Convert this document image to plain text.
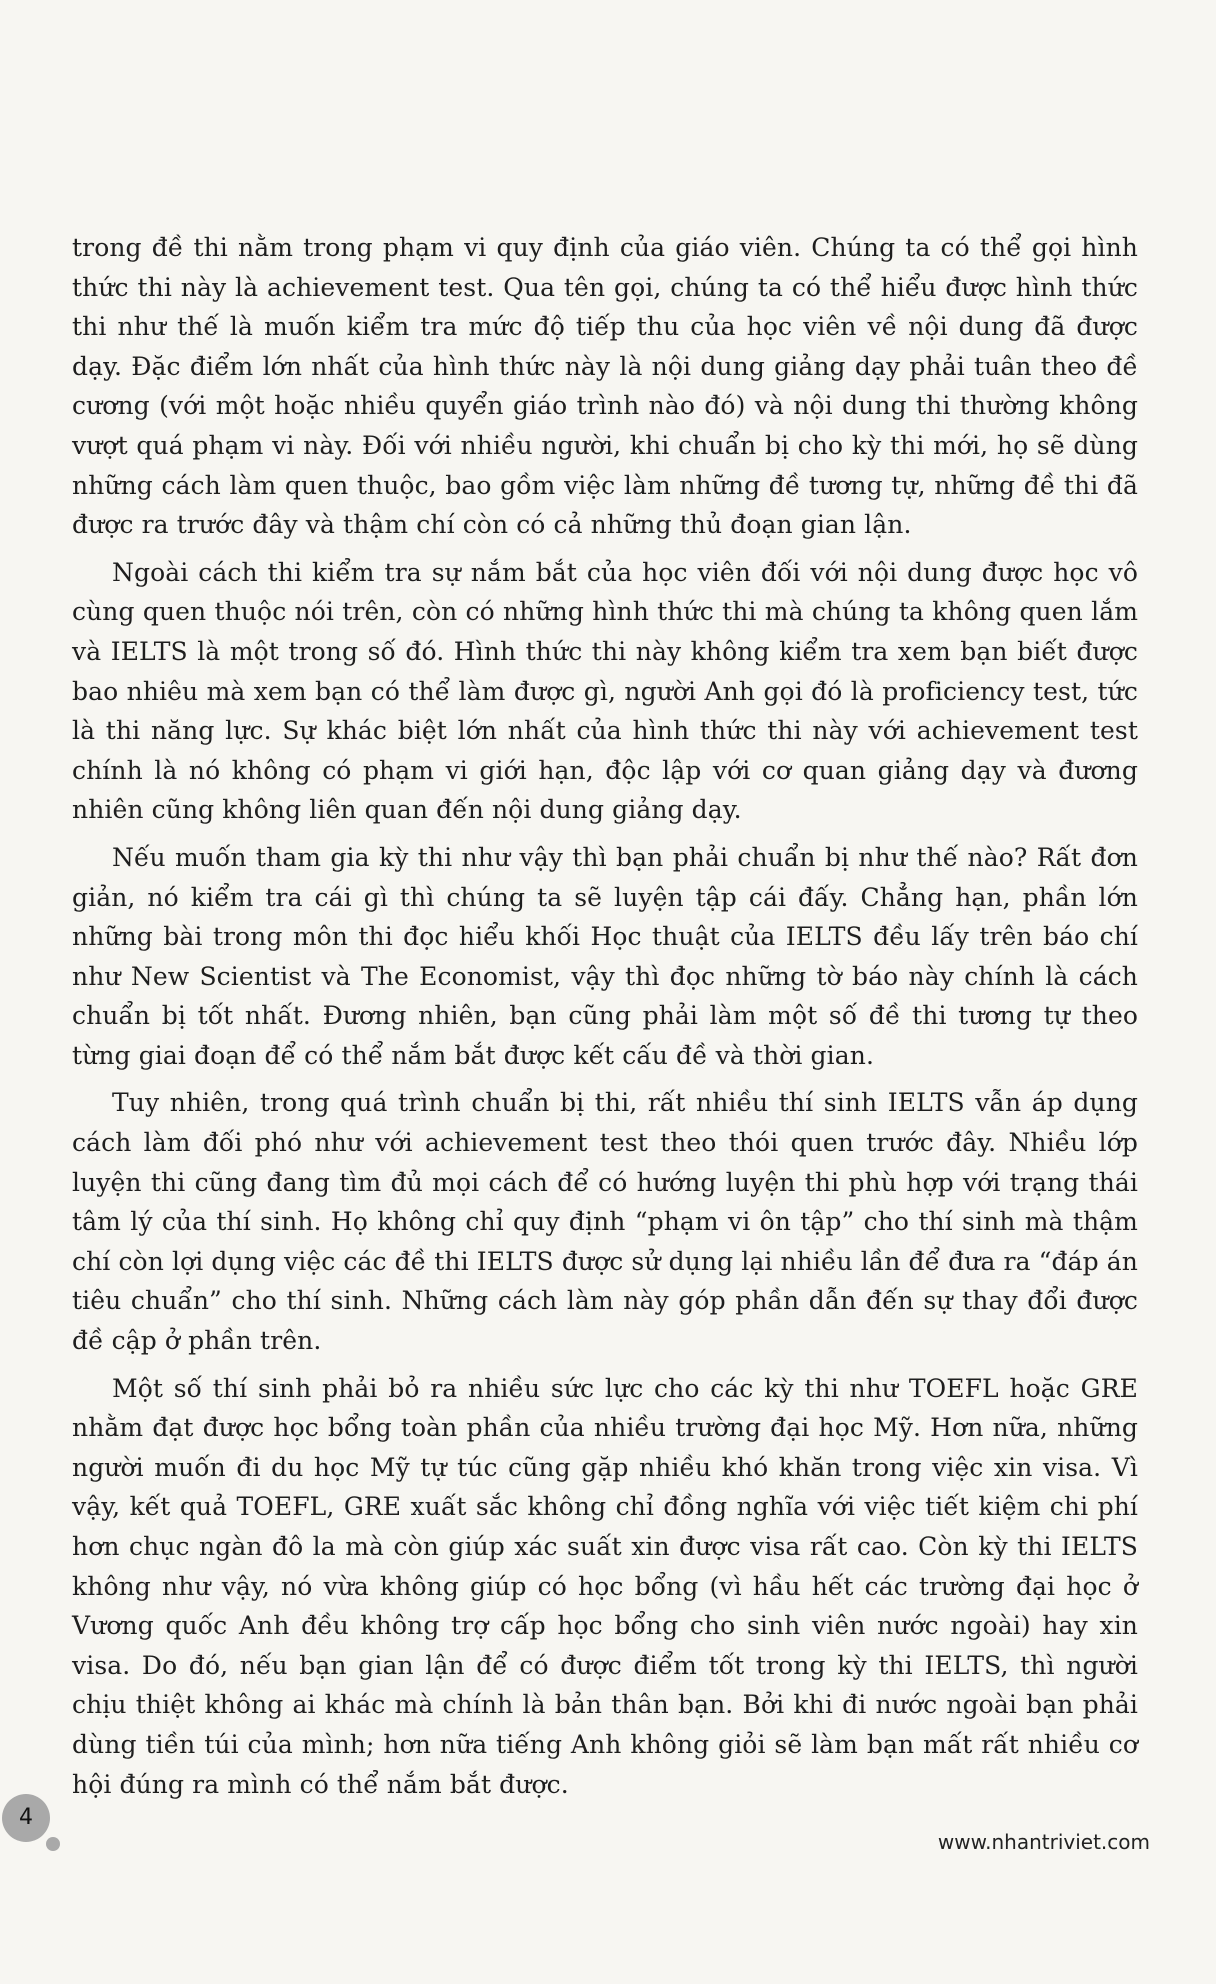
trong đề thi nằm trong phạm vi quy định của giáo viên. Chúng ta có thể gọi hình thức thi này là achievement test. Qua tên gọi, chúng ta có thể hiểu được hình thức thi như thế là muốn kiểm tra mức độ tiếp thu của học viên về nội dung đã được dạy. Đặc điểm lớn nhất của hình thức này là nội dung giảng dạy phải tuân theo đề cương (với một hoặc nhiều quyển giáo trình nào đó) và nội dung thi thường không vượt quá phạm vi này. Đối với nhiều người, khi chuẩn bị cho kỳ thi mới, họ sẽ dùng những cách làm quen thuộc, bao gồm việc làm những đề tương tự, những đề thi đã được ra trước đây và thậm chí còn có cả những thủ đoạn gian lận.

Ngoài cách thi kiểm tra sự nắm bắt của học viên đối với nội dung được học vô cùng quen thuộc nói trên, còn có những hình thức thi mà chúng ta không quen lắm và IELTS là một trong số đó. Hình thức thi này không kiểm tra xem bạn biết được bao nhiêu mà xem bạn có thể làm được gì, người Anh gọi đó là proficiency test, tức là thi năng lực. Sự khác biệt lớn nhất của hình thức thi này với achievement test chính là nó không có phạm vi giới hạn, độc lập với cơ quan giảng dạy và đương nhiên cũng không liên quan đến nội dung giảng dạy.

Nếu muốn tham gia kỳ thi như vậy thì bạn phải chuẩn bị như thế nào? Rất đơn giản, nó kiểm tra cái gì thì chúng ta sẽ luyện tập cái đấy. Chẳng hạn, phần lớn những bài trong môn thi đọc hiểu khối Học thuật của IELTS đều lấy trên báo chí như New Scientist và The Economist, vậy thì đọc những tờ báo này chính là cách chuẩn bị tốt nhất. Đương nhiên, bạn cũng phải làm một số đề thi tương tự theo từng giai đoạn để có thể nắm bắt được kết cấu đề và thời gian.

Tuy nhiên, trong quá trình chuẩn bị thi, rất nhiều thí sinh IELTS vẫn áp dụng cách làm đối phó như với achievement test theo thói quen trước đây. Nhiều lớp luyện thi cũng đang tìm đủ mọi cách để có hướng luyện thi phù hợp với trạng thái tâm lý của thí sinh. Họ không chỉ quy định “phạm vi ôn tập” cho thí sinh mà thậm chí còn lợi dụng việc các đề thi IELTS được sử dụng lại nhiều lần để đưa ra “đáp án tiêu chuẩn” cho thí sinh. Những cách làm này góp phần dẫn đến sự thay đổi được đề cập ở phần trên.

Một số thí sinh phải bỏ ra nhiều sức lực cho các kỳ thi như TOEFL hoặc GRE nhằm đạt được học bổng toàn phần của nhiều trường đại học Mỹ. Hơn nữa, những người muốn đi du học Mỹ tự túc cũng gặp nhiều khó khăn trong việc xin visa. Vì vậy, kết quả TOEFL, GRE xuất sắc không chỉ đồng nghĩa với việc tiết kiệm chi phí hơn chục ngàn đô la mà còn giúp xác suất xin được visa rất cao. Còn kỳ thi IELTS không như vậy, nó vừa không giúp có học bổng (vì hầu hết các trường đại học ở Vương quốc Anh đều không trợ cấp học bổng cho sinh viên nước ngoài) hay xin visa. Do đó, nếu bạn gian lận để có được điểm tốt trong kỳ thi IELTS, thì người chịu thiệt không ai khác mà chính là bản thân bạn. Bởi khi đi nước ngoài bạn phải dùng tiền túi của mình; hơn nữa tiếng Anh không giỏi sẽ làm bạn mất rất nhiều cơ hội đúng ra mình có thể nắm bắt được.

4
www.nhantriviet.com
